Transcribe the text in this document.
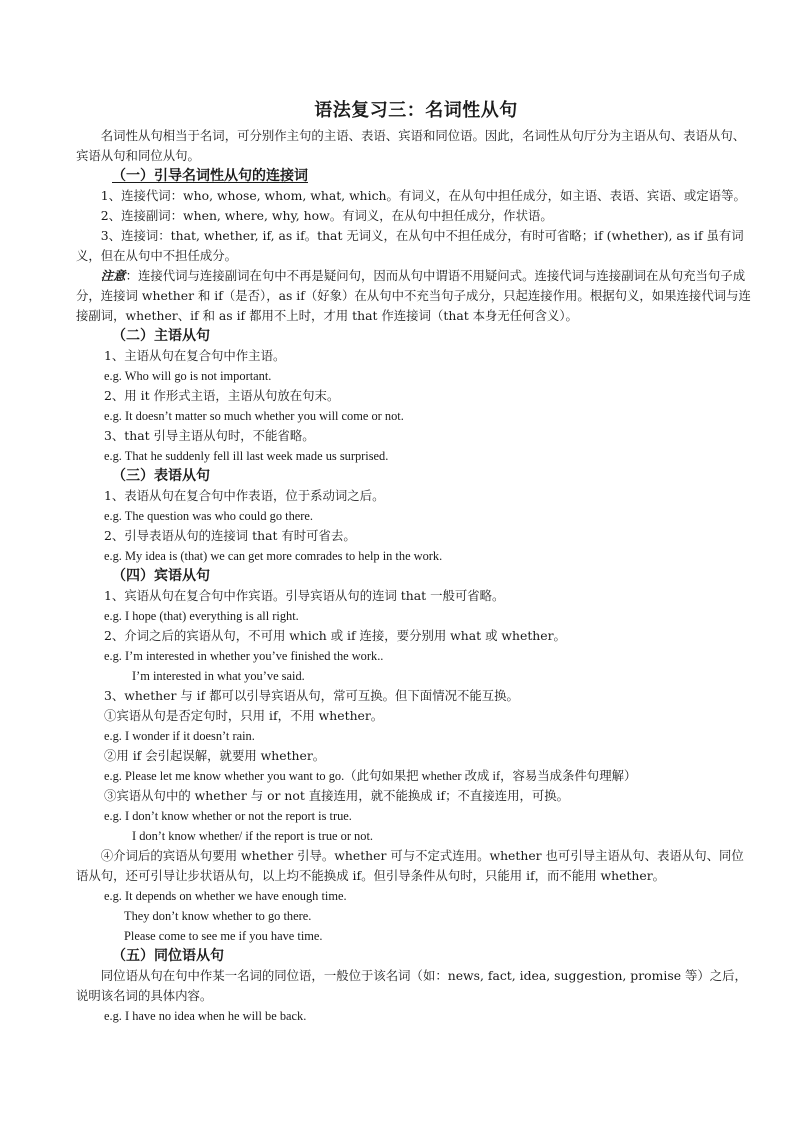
语法复习三：名词性从句

名词性从句相当于名词，可分别作主句的主语、表语、宾语和同位语。因此，名词性从句厅分为主语从句、表语从句、宾语从句和同位从句。

（一）引导名词性从句的连接词

1、连接代词：who, whose, whom, what, which。有词义，在从句中担任成分，如主语、表语、宾语、或定语等。

2、连接副词：when, where, why, how。有词义，在从句中担任成分，作状语。

3、连接词：that, whether, if, as if。that 无词义，在从句中不担任成分，有时可省略；if (whether), as if 虽有词义，但在从句中不担任成分。

注意：连接代词与连接副词在句中不再是疑问句，因而从句中谓语不用疑问式。连接代词与连接副词在从句充当句子成分，连接词 whether 和 if（是否），as if（好象）在从句中不充当句子成分，只起连接作用。根据句义，如果连接代词与连接副词，whether、if 和 as if 都用不上时，才用 that 作连接词（that 本身无任何含义）。

（二）主语从句

1、主语从句在复合句中作主语。

e.g. Who will go is not important.

2、用 it 作形式主语，主语从句放在句末。

e.g. It doesn’t matter so much whether you will come or not.

3、that 引导主语从句时，不能省略。

e.g. That he suddenly fell ill last week made us surprised.

（三）表语从句

1、表语从句在复合句中作表语，位于系动词之后。

e.g. The question was who could go there.

2、引导表语从句的连接词 that 有时可省去。

e.g. My idea is (that) we can get more comrades to help in the work.

（四）宾语从句

1、宾语从句在复合句中作宾语。引导宾语从句的连词 that 一般可省略。

e.g. I hope (that) everything is all right.

2、介词之后的宾语从句，不可用 which 或 if 连接，要分别用 what 或 whether。

e.g. I’m interested in whether you’ve finished the work..

I’m interested in what you’ve said.

3、whether 与 if 都可以引导宾语从句，常可互换。但下面情况不能互换。

①宾语从句是否定句时，只用 if，不用 whether。

e.g. I wonder if it doesn’t rain.

②用 if 会引起误解，就要用 whether。

e.g. Please let me know whether you want to go.（此句如果把 whether 改成 if，容易当成条件句理解）

③宾语从句中的 whether 与 or not 直接连用，就不能换成 if；不直接连用，可换。

e.g. I don’t know whether or not the report is true.

I don’t know whether/ if the report is true or not.

④介词后的宾语从句要用 whether 引导。whether 可与不定式连用。whether 也可引导主语从句、表语从句、同位语从句，还可引导让步状语从句，以上均不能换成 if。但引导条件从句时，只能用 if，而不能用 whether。

e.g. It depends on whether we have enough time.

They don’t know whether to go there.

Please come to see me if you have time.

（五）同位语从句

同位语从句在句中作某一名词的同位语，一般位于该名词（如：news, fact, idea, suggestion, promise 等）之后，说明该名词的具体内容。

e.g. I have no idea when he will be back.
